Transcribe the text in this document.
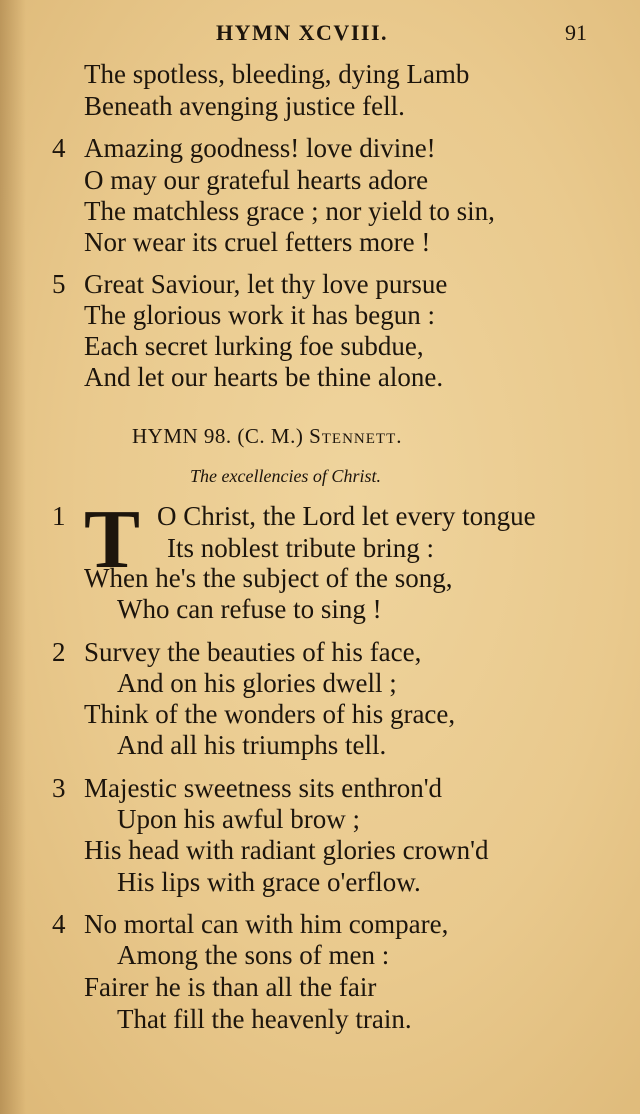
HYMN XCVIII.	91
The spotless, bleeding, dying Lamb
Beneath avenging justice fell.
4 Amazing goodness! love divine!
O may our grateful hearts adore
The matchless grace ; nor yield to sin,
Nor wear its cruel fetters more !
5 Great Saviour, let thy love pursue
The glorious work it has begun :
Each secret lurking foe subdue,
And let our hearts be thine alone.
HYMN 98. (C. M.) Stennett.
The excellencies of Christ.
1 T O Christ, the Lord let every tongue
Its noblest tribute bring :
When he's the subject of the song,
Who can refuse to sing !
2 Survey the beauties of his face,
And on his glories dwell ;
Think of the wonders of his grace,
And all his triumphs tell.
3 Majestic sweetness sits enthron'd
Upon his awful brow ;
His head with radiant glories crown'd
His lips with grace o'erflow.
4 No mortal can with him compare,
Among the sons of men :
Fairer he is than all the fair
That fill the heavenly train.
